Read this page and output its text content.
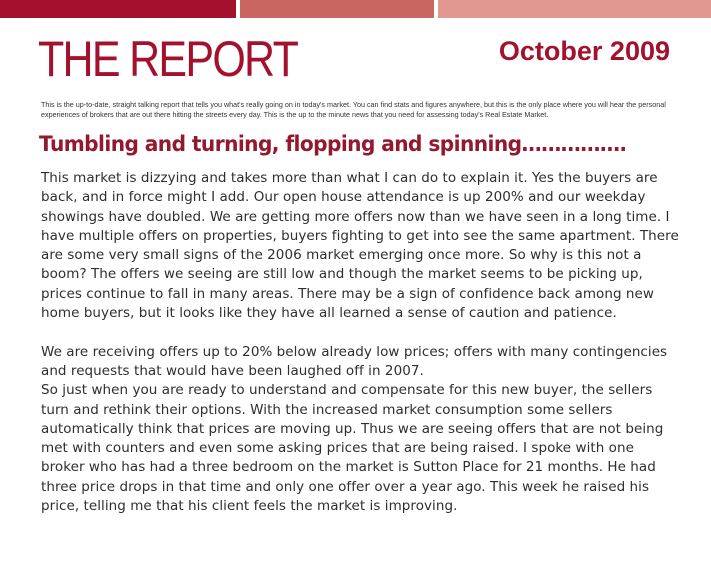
THE REPORT	October 2009
This is the up-to-date, straight talking report that tells you what's really going on in today's market. You can find stats and figures anywhere, but this is the only place where you will hear the personal experiences of brokers that are out there hitting the streets every day. This is the up to the minute news that you need for assessing today's Real Estate Market.
Tumbling and turning, flopping and spinning…………….

This market is dizzying and takes more than what I can do to explain it. Yes the buyers are back, and in force might I add. Our open house attendance is up 200% and our weekday showings have doubled. We are getting more offers now than we have seen in a long time. I have multiple offers on properties, buyers fighting to get into see the same apartment. There are some very small signs of the 2006 market emerging once more. So why is this not a boom? The offers we seeing are still low and though the market seems to be picking up, prices continue to fall in many areas. There may be a sign of confidence back among new home buyers, but it looks like they have all learned a sense of caution and patience.

We are receiving offers up to 20% below already low prices; offers with many contingencies and requests that would have been laughed off in 2007.

So just when you are ready to understand and compensate for this new buyer, the sellers turn and rethink their options. With the increased market consumption some sellers automatically think that prices are moving up. Thus we are seeing offers that are not being met with counters and even some asking prices that are being raised. I spoke with one broker who has had a three bedroom on the market is Sutton Place for 21 months. He had three price drops in that time and only one offer over a year ago. This week he raised his price, telling me that his client feels the market is improving.
